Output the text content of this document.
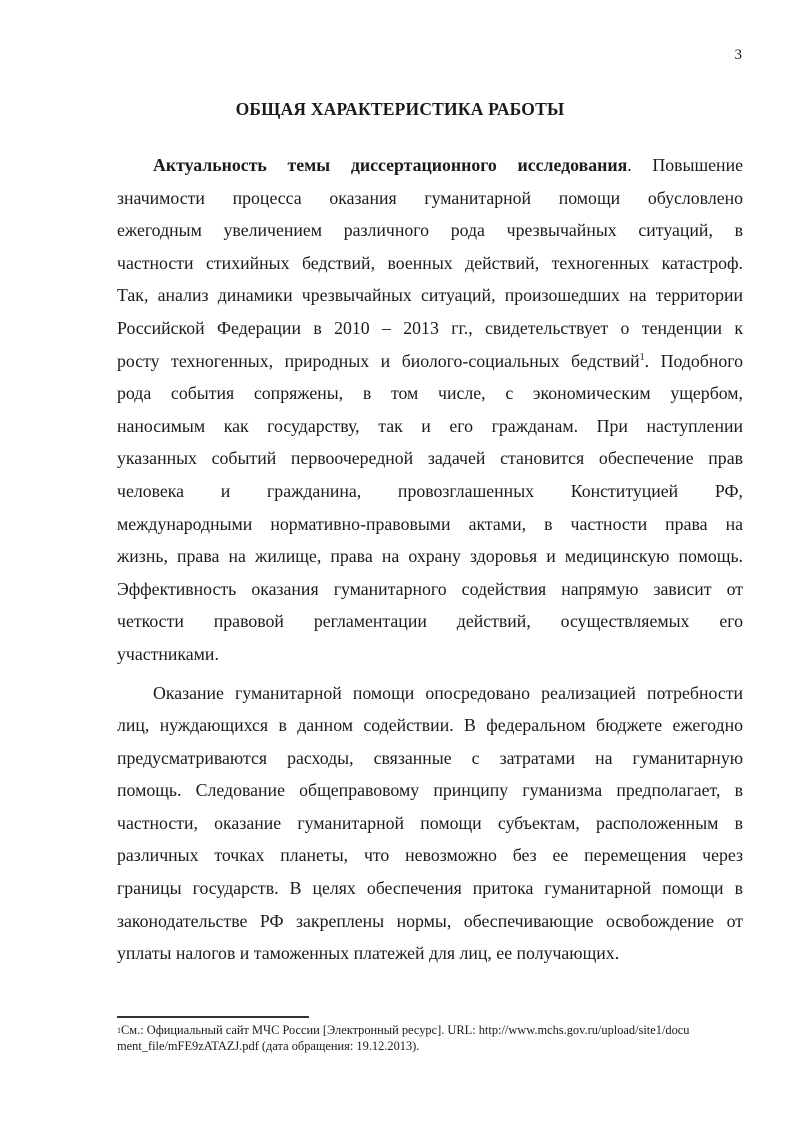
3
ОБЩАЯ ХАРАКТЕРИСТИКА РАБОТЫ
Актуальность темы диссертационного исследования. Повышение
значимости процесса оказания гуманитарной помощи обусловлено
ежегодным увеличением различного рода чрезвычайных ситуаций, в
частности стихийных бедствий, военных действий, техногенных катастроф.
Так, анализ динамики чрезвычайных ситуаций, произошедших на территории
Российской Федерации в 2010 – 2013 гг., свидетельствует о тенденции к
росту техногенных, природных и биолого-социальных бедствий$^1$. Подобного
рода события сопряжены, в том числе, с экономическим ущербом,
наносимым как государству, так и его гражданам. При наступлении
указанных событий первоочередной задачей становится обеспечение прав
человека и гражданина, провозглашенных Конституцией РФ,
международными нормативно-правовыми актами, в частности права на
жизнь, права на жилище, права на охрану здоровья и медицинскую помощь.
Эффективность оказания гуманитарного содействия напрямую зависит от
четкости правовой регламентации действий, осуществляемых его
участниками.
Оказание гуманитарной помощи опосредовано реализацией потребности
лиц, нуждающихся в данном содействии. В федеральном бюджете ежегодно
предусматриваются расходы, связанные с затратами на гуманитарную
помощь. Следование общеправовому принципу гуманизма предполагает, в
частности, оказание гуманитарной помощи субъектам, расположенным в
различных точках планеты, что невозможно без ее перемещения через
границы государств. В целях обеспечения притока гуманитарной помощи в
законодательстве РФ закреплены нормы, обеспечивающие освобождение от
уплаты налогов и таможенных платежей для лиц, ее получающих.
$^1$См.: Официальный сайт МЧС России [Электронный ресурс]. URL: http://www.mchs.gov.ru/upload/site1/docu
ment_file/mFE9zATAZJ.pdf (дата обращения: 19.12.2013).
